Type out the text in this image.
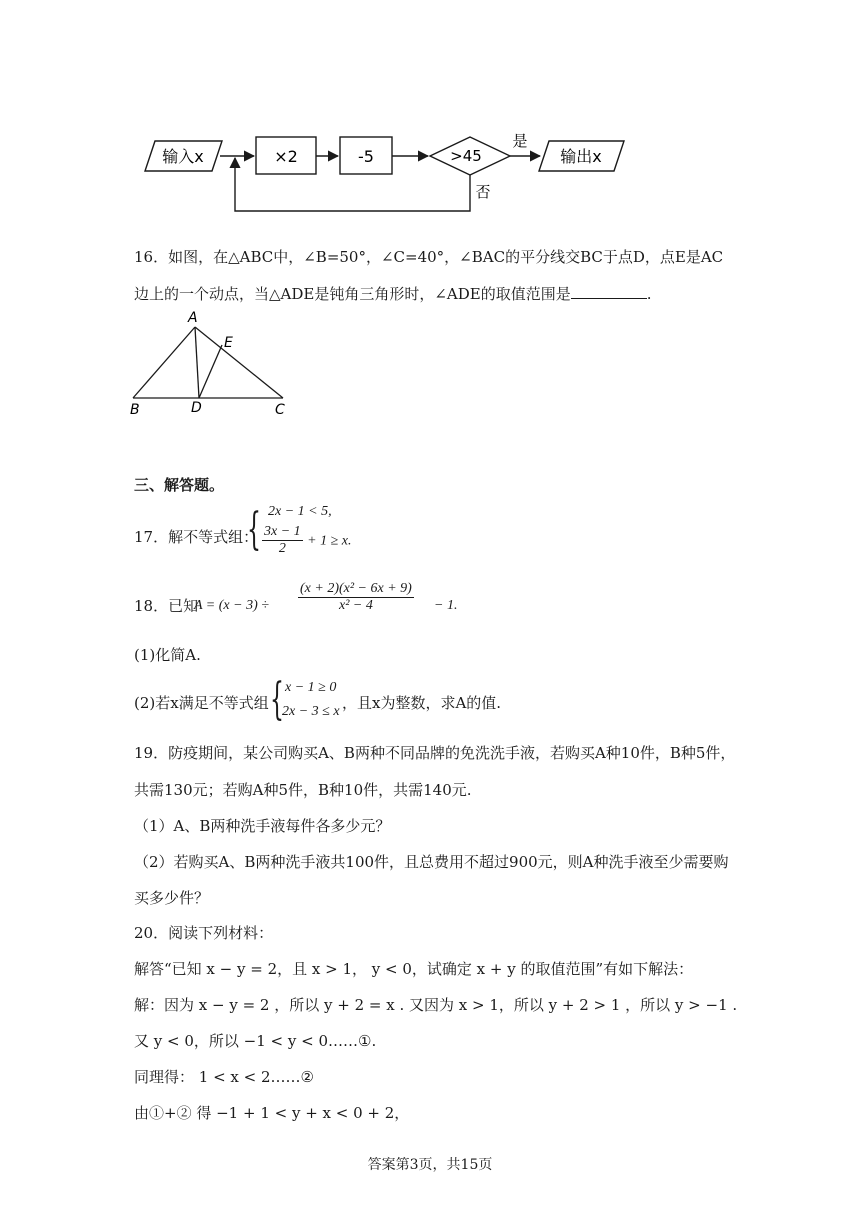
输入x	×2	-5	>45
是
输出x
否
16．如图，在△ABC中，∠B=50°，∠C=40°，∠BAC的平分线交BC于点D，点E是AC
边上的一个动点，当△ADE是钝角三角形时，∠ADE的取值范围是	.
A
E
B	D	C
三、解答题。
17．解不等式组：
{ 2x − 1 < 5,
$\frac{3x - 1}{2} + 1 \ge x$.
18．已知
$A = (x - 3) \div \frac{\text{(x + 2)(x² − 6x + 9)}}{\text{x² − 4}} - 1$.
(1)化简A.
(2)若x满足不等式组 { x − 1 ≥ 0
2x − 3 ≤ x ，且x为整数，求A的值.
19．防疫期间，某公司购买A、B两种不同品牌的免洗洗手液，若购买A种10件，B种5件，
共需130元；若购A种5件，B种10件，共需140元.
（1）A、B两种洗手液每件各多少元？
（2）若购买A、B两种洗手液共100件，且总费用不超过900元，则A种洗手液至少需要购
买多少件？
20．阅读下列材料：
解答“已知 x − y = 2，且 x > 1， y < 0，试确定 x + y 的取值范围”有如下解法：
解：因为 x − y = 2 ，所以 y + 2 = x . 又因为 x > 1，所以 y + 2 > 1 ，所以 y > −1 .
又 y < 0，所以 −1 < y < 0……①.
同理得： 1 < x < 2……②
由①+② 得 −1 + 1 < y + x < 0 + 2，
答案第3页，共15页
